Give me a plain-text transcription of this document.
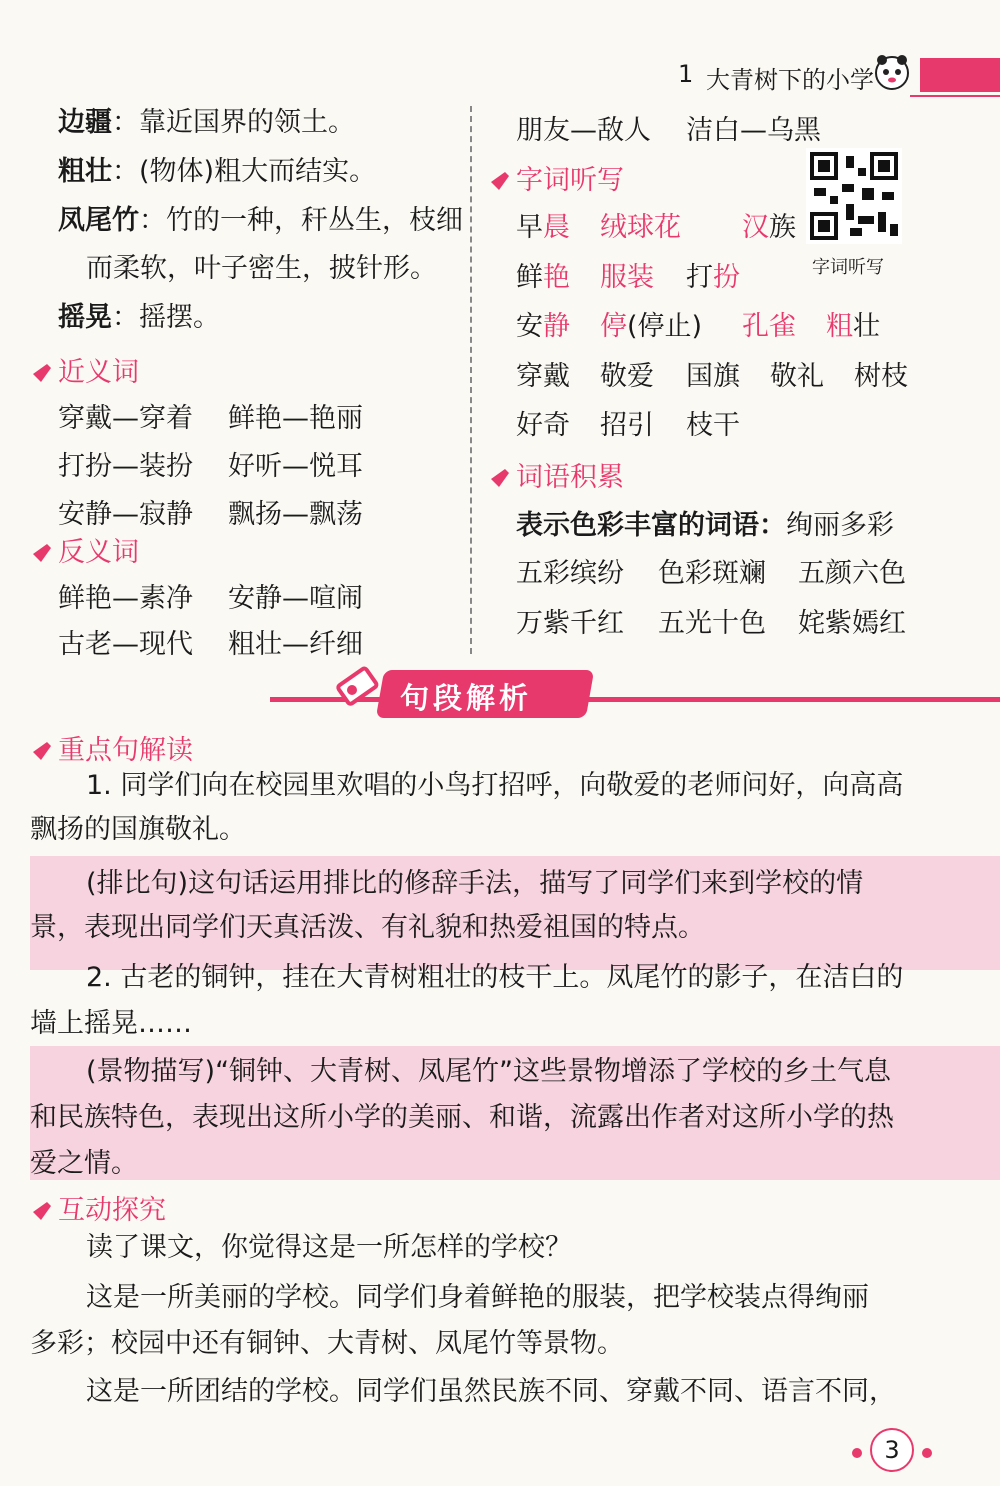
1 大青树下的小学
边疆：靠近国界的领土。
粗壮：(物体)粗大而结实。
凤尾竹：竹的一种，秆丛生，枝细
而柔软，叶子密生，披针形。
摇晃：摇摆。
近义词
穿戴—穿着 鲜艳—艳丽
打扮—装扮 好听—悦耳
安静—寂静 飘扬—飘荡
反义词
鲜艳—素净 安静—喧闹
古老—现代 粗壮—纤细
朋友—敌人 洁白—乌黑
字词听写
字词听写
早晨 绒球花 汉族
鲜艳 服装 打扮
安静 停(停止) 孔雀 粗壮
穿戴 敬爱 国旗 敬礼 树枝
好奇 招引 枝干
词语积累
表示色彩丰富的词语：绚丽多彩
五彩缤纷 色彩斑斓 五颜六色
万紫千红 五光十色 姹紫嫣红
句段解析
重点句解读
1. 同学们向在校园里欢唱的小鸟打招呼，向敬爱的老师问好，向高高
飘扬的国旗敬礼。
(排比句)这句话运用排比的修辞手法，描写了同学们来到学校的情
景，表现出同学们天真活泼、有礼貌和热爱祖国的特点。
2. 古老的铜钟，挂在大青树粗壮的枝干上。凤尾竹的影子，在洁白的
墙上摇晃……
(景物描写)“铜钟、大青树、凤尾竹”这些景物增添了学校的乡土气息
和民族特色，表现出这所小学的美丽、和谐，流露出作者对这所小学的热
爱之情。
互动探究
读了课文，你觉得这是一所怎样的学校？
这是一所美丽的学校。同学们身着鲜艳的服装，把学校装点得绚丽
多彩；校园中还有铜钟、大青树、凤尾竹等景物。
这是一所团结的学校。同学们虽然民族不同、穿戴不同、语言不同，
3
